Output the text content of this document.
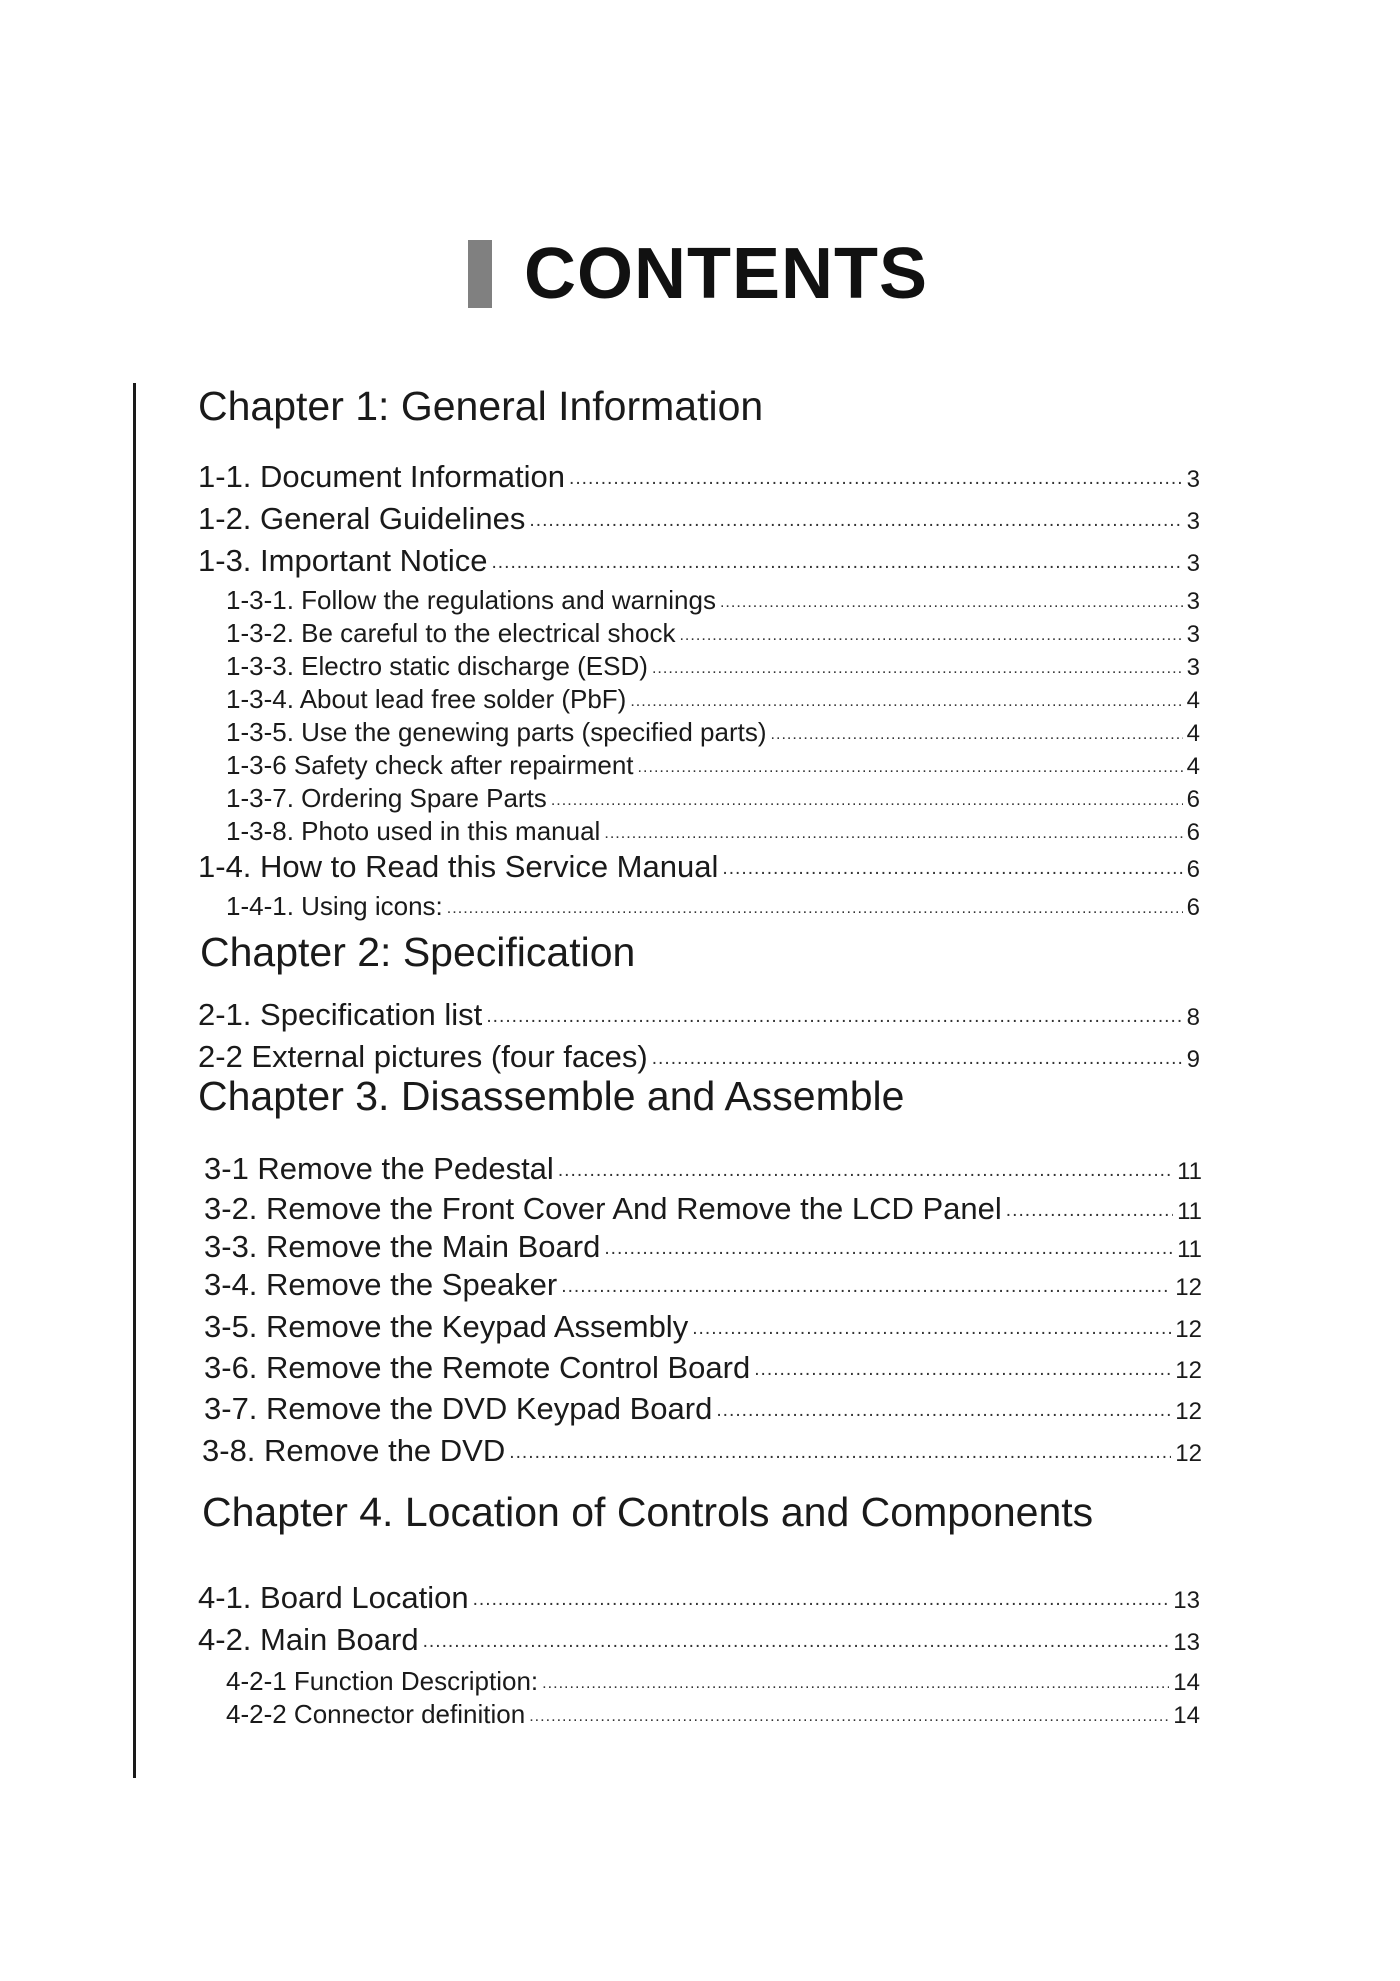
CONTENTS
Chapter 1: General Information
1-1. Document Information .....	3
1-2. General Guidelines .....	3
1-3. Important Notice .....	3
1-3-1. Follow the regulations and warnings .....	3
1-3-2. Be careful to the electrical shock .....	3
1-3-3. Electro static discharge (ESD) .....	3
1-3-4. About lead free solder (PbF) .....	4
1-3-5. Use the genewing parts (specified parts) .....	4
1-3-6 Safety check after repairment .....	4
1-3-7. Ordering Spare Parts .....	6
1-3-8. Photo used in this manual .....	6
1-4. How to Read this Service Manual .....	6
1-4-1. Using icons: .....	6
Chapter 2: Specification
2-1. Specification list .....	8
2-2 External pictures (four faces) .....	9
Chapter 3. Disassemble and Assemble
3-1 Remove the Pedestal .....	11
3-2. Remove the Front Cover And Remove the LCD Panel .....	11
3-3. Remove the Main Board .....	11
3-4. Remove the Speaker .....	12
3-5. Remove the Keypad Assembly .....	12
3-6. Remove the Remote Control Board .....	12
3-7. Remove the DVD Keypad Board .....	12
3-8. Remove the DVD .....	12
Chapter 4. Location of Controls and Components
4-1. Board Location .....	13
4-2. Main Board .....	13
4-2-1 Function Description: .....	14
4-2-2 Connector definition .....	14
